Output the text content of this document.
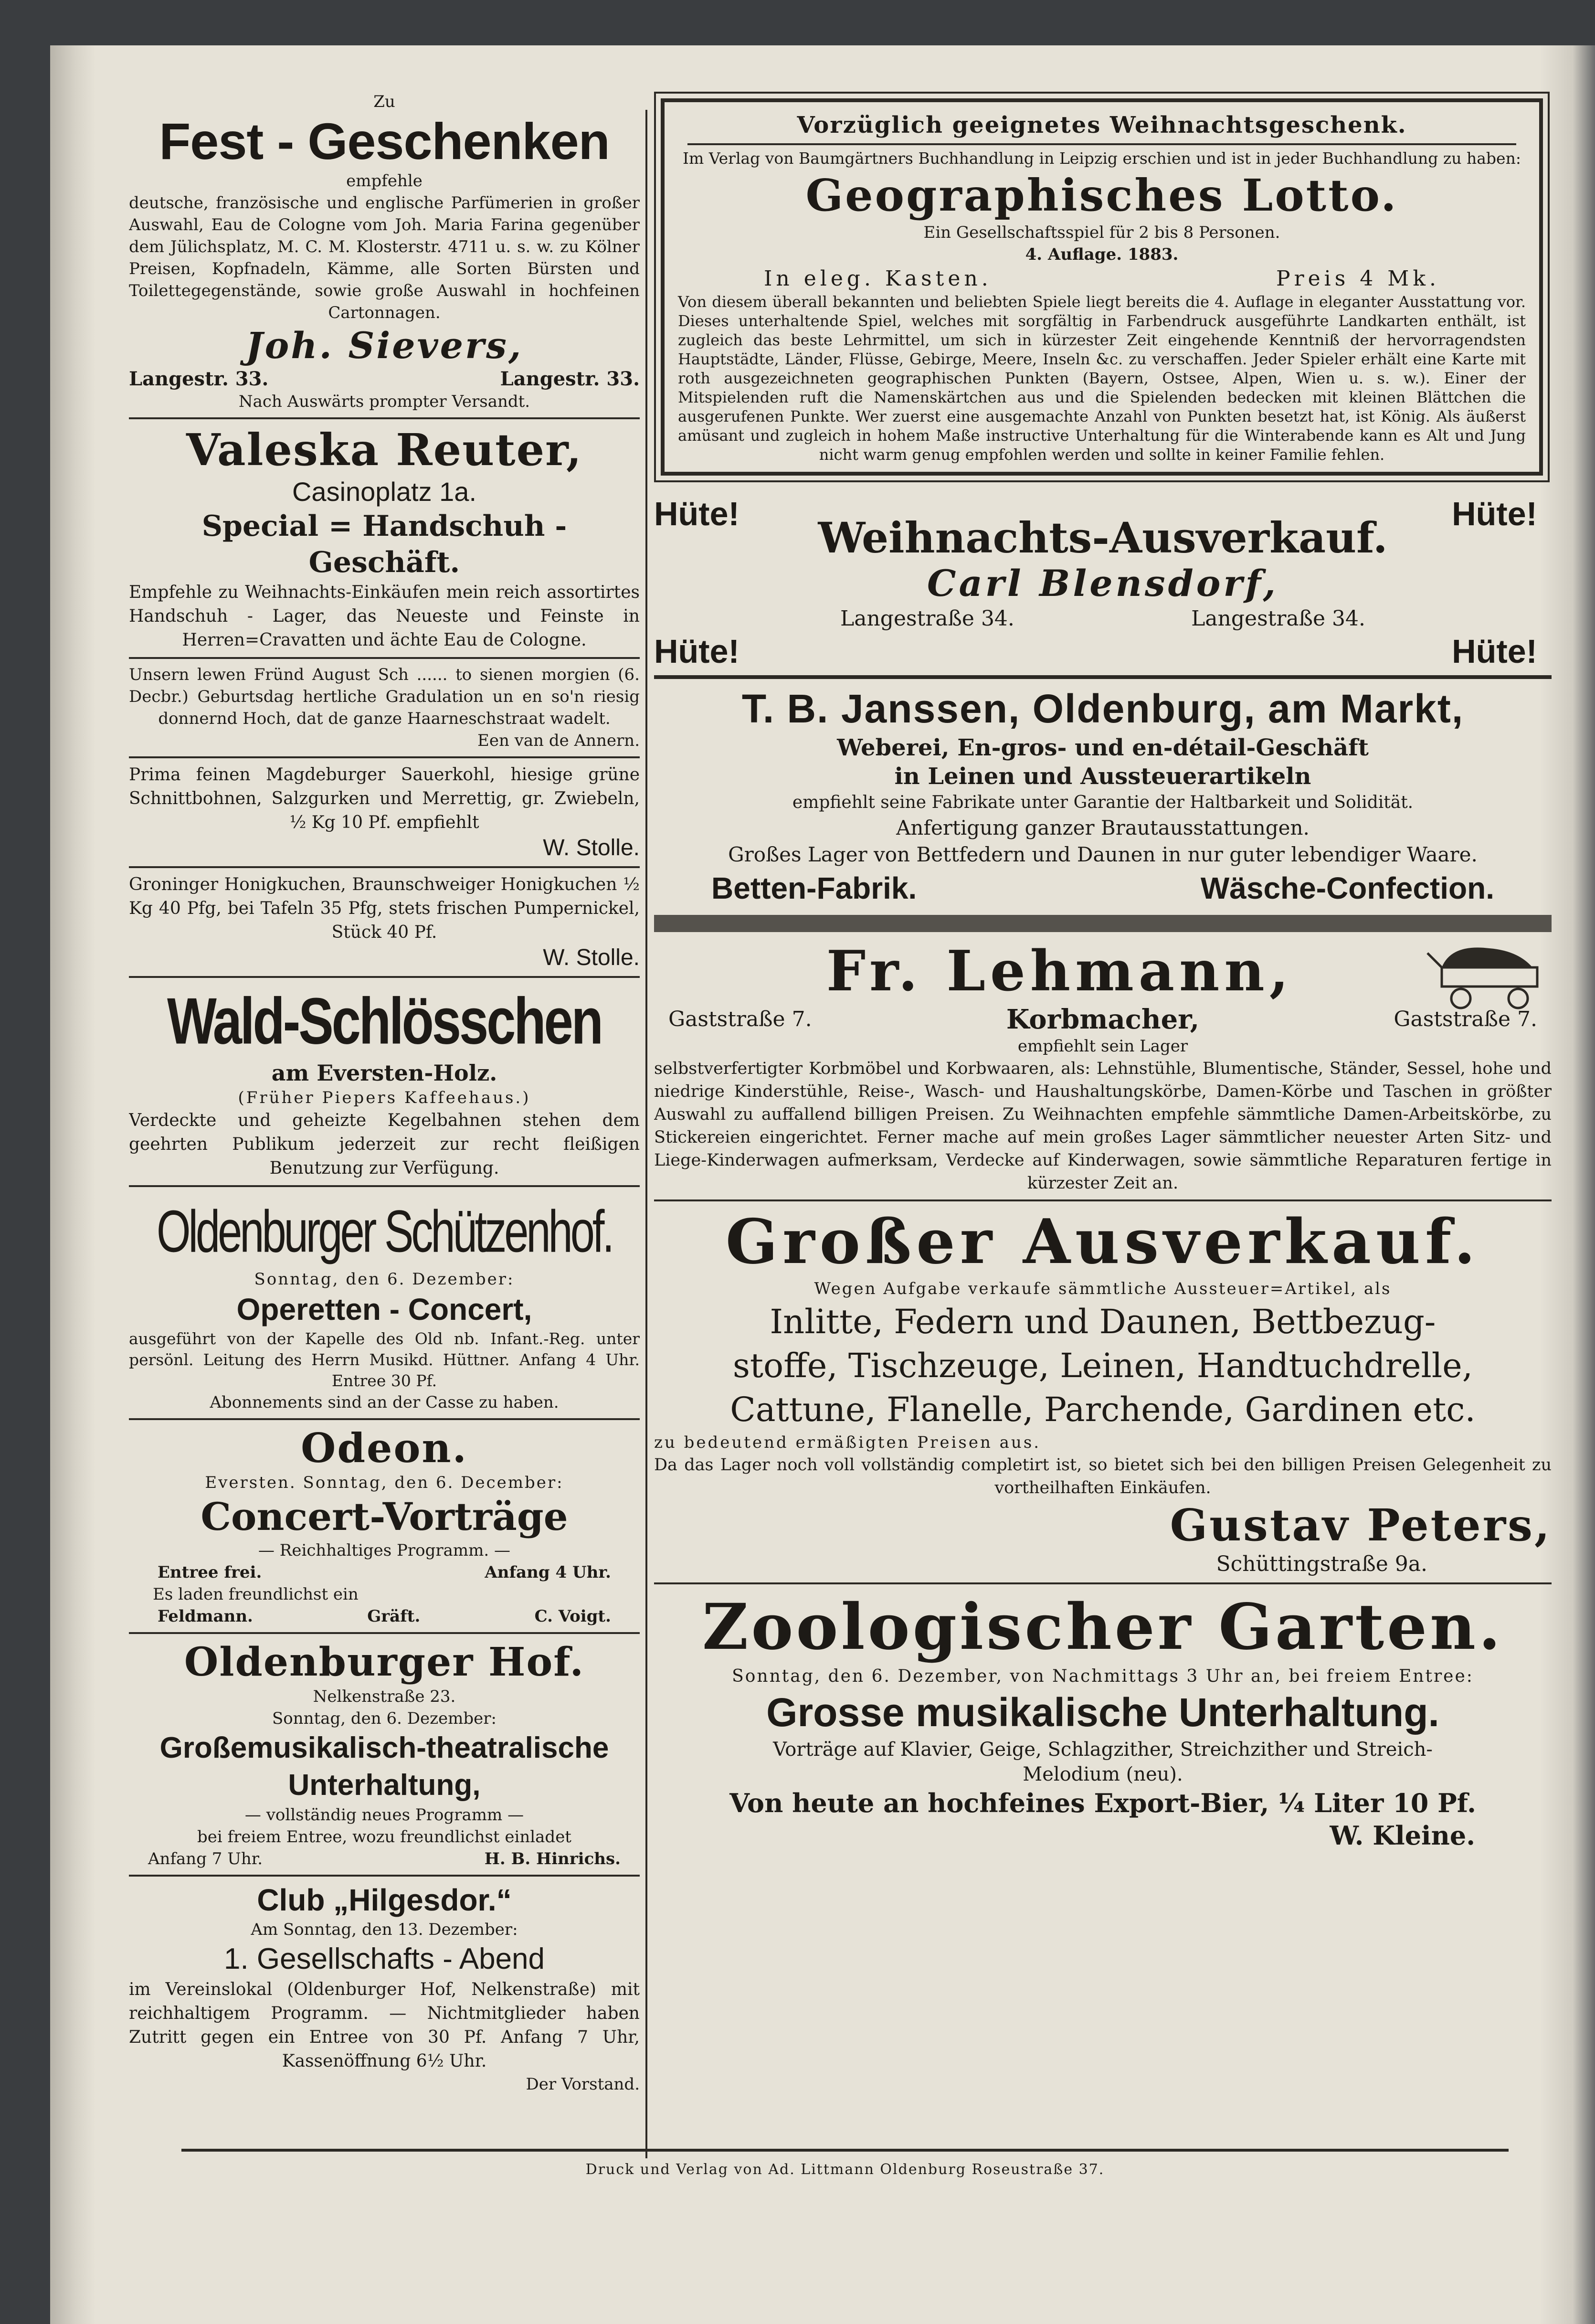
Zu
Fest - Geschenken
empfehle
deutsche, französische und englische Parfümerien in großer Auswahl, Eau de Cologne vom Joh. Maria Farina gegenüber dem Jülichsplatz, M. C. M. Klosterstr. 4711 u. s. w. zu Kölner Preisen, Kopfnadeln, Kämme, alle Sorten Bürsten und Toilettegegenstände, sowie große Auswahl in hochfeinen Cartonnagen.
Joh. Sievers,
Langestr. 33.	Langestr. 33.
Nach Auswärts prompter Versandt.
Valeska Reuter,
Casinoplatz 1a.
Special = Handschuh - Geschäft.
Empfehle zu Weihnachts-Einkäufen mein reich assortirtes Handschuh - Lager, das Neueste und Feinste in Herren=Cravatten und ächte Eau de Cologne.
Unsern lewen Fründ August Sch ...... to sienen morgien (6. Decbr.) Geburtsdag hertliche Gradulation un en so'n riesig donnernd Hoch, dat de ganze Haarneschstraat wadelt.
Een van de Annern.
Prima feinen Magdeburger Sauerkohl, hiesige grüne Schnittbohnen, Salzgurken und Merrettig, gr. Zwiebeln, ½ Kg 10 Pf. empfiehlt
W. Stolle.
Groninger Honigkuchen, Braunschweiger Honigkuchen ½ Kg 40 Pfg, bei Tafeln 35 Pfg, stets frischen Pumpernickel, Stück 40 Pf.
W. Stolle.
Wald-Schlösschen
am Eversten-Holz.
(Früher Piepers Kaffeehaus.)
Verdeckte und geheizte Kegelbahnen stehen dem geehrten Publikum jederzeit zur recht fleißigen Benutzung zur Verfügung.
Oldenburger Schützenhof.
Sonntag, den 6. Dezember:
Operetten - Concert,
ausgeführt von der Kapelle des Old nb. Infant.-Reg. unter persönl. Leitung des Herrn Musikd. Hüttner. Anfang 4 Uhr. Entree 30 Pf.
Abonnements sind an der Casse zu haben.
Odeon.
Eversten. Sonntag, den 6. December:
Concert-Vorträge
— Reichhaltiges Programm. —
Entree frei.	Anfang 4 Uhr.
Es laden freundlichst ein
Feldmann.	Gräft.	C. Voigt.
Oldenburger Hof.
Nelkenstraße 23.
Sonntag, den 6. Dezember:
Großemusikalisch-theatralische Unterhaltung,
— vollständig neues Programm —
bei freiem Entree, wozu freundlichst einladet
Anfang 7 Uhr.	H. B. Hinrichs.
Club „Hilgesdor.“
Am Sonntag, den 13. Dezember:
1. Gesellschafts - Abend
im Vereinslokal (Oldenburger Hof, Nelkenstraße) mit reichhaltigem Programm. — Nichtmitglieder haben Zutritt gegen ein Entree von 30 Pf. Anfang 7 Uhr, Kassenöffnung 6½ Uhr.
Der Vorstand.
Vorzüglich geeignetes Weihnachtsgeschenk.
Im Verlag von Baumgärtners Buchhandlung in Leipzig erschien und ist in jeder Buchhandlung zu haben:
Geographisches Lotto.
Ein Gesellschaftsspiel für 2 bis 8 Personen.
4. Auflage. 1883.
In eleg. Kasten.	Preis 4 Mk.
Von diesem überall bekannten und beliebten Spiele liegt bereits die 4. Auflage in eleganter Ausstattung vor. Dieses unterhaltende Spiel, welches mit sorgfältig in Farbendruck ausgeführte Landkarten enthält, ist zugleich das beste Lehrmittel, um sich in kürzester Zeit eingehende Kenntniß der hervorragendsten Hauptstädte, Länder, Flüsse, Gebirge, Meere, Inseln &c. zu verschaffen. Jeder Spieler erhält eine Karte mit roth ausgezeichneten geographischen Punkten (Bayern, Ostsee, Alpen, Wien u. s. w.). Einer der Mitspielenden ruft die Namenskärtchen aus und die Spielenden bedecken mit kleinen Blättchen die ausgerufenen Punkte. Wer zuerst eine ausgemachte Anzahl von Punkten besetzt hat, ist König. Als äußerst amüsant und zugleich in hohem Maße instructive Unterhaltung für die Winterabende kann es Alt und Jung nicht warm genug empfohlen werden und sollte in keiner Familie fehlen.
Hüte!	Hüte!
Weihnachts-Ausverkauf.
Carl Blensdorf,
Langestraße 34.	Langestraße 34.
Hüte!	Hüte!
T. B. Janssen, Oldenburg, am Markt,
Weberei, En-gros- und en-détail-Geschäft
in Leinen und Aussteuerartikeln
empfiehlt seine Fabrikate unter Garantie der Haltbarkeit und Solidität.
Anfertigung ganzer Brautausstattungen.
Großes Lager von Bettfedern und Daunen in nur guter lebendiger Waare.
Betten-Fabrik.	Wäsche-Confection.
Fr. Lehmann,
Gaststraße 7.	Korbmacher,	Gaststraße 7.
empfiehlt sein Lager
selbstverfertigter Korbmöbel und Korbwaaren, als: Lehnstühle, Blumentische, Ständer, Sessel, hohe und niedrige Kinderstühle, Reise-, Wasch- und Haushaltungskörbe, Damen-Körbe und Taschen in größter Auswahl zu auffallend billigen Preisen. Zu Weihnachten empfehle sämmtliche Damen-Arbeitskörbe, zu Stickereien eingerichtet. Ferner mache auf mein großes Lager sämmtlicher neuester Arten Sitz- und Liege-Kinderwagen aufmerksam, Verdecke auf Kinderwagen, sowie sämmtliche Reparaturen fertige in kürzester Zeit an.
Großer Ausverkauf.
Wegen Aufgabe verkaufe sämmtliche Aussteuer=Artikel, als
Inlitte, Federn und Daunen, Bettbezug-
stoffe, Tischzeuge, Leinen, Handtuchdrelle,
Cattune, Flanelle, Parchende, Gardinen etc.
zu bedeutend ermäßigten Preisen aus.
Da das Lager noch voll vollständig completirt ist, so bietet sich bei den billigen Preisen Gelegenheit zu vortheilhaften Einkäufen.
Gustav Peters,
Schüttingstraße 9a.
Zoologischer Garten.
Sonntag, den 6. Dezember, von Nachmittags 3 Uhr an, bei freiem Entree:
Grosse musikalische Unterhaltung.
Vorträge auf Klavier, Geige, Schlagzither, Streichzither und Streich-
Melodium (neu).
Von heute an hochfeines Export-Bier, ¼ Liter 10 Pf.
W. Kleine.
Druck und Verlag von Ad. Littmann Oldenburg Roseustraße 37.
